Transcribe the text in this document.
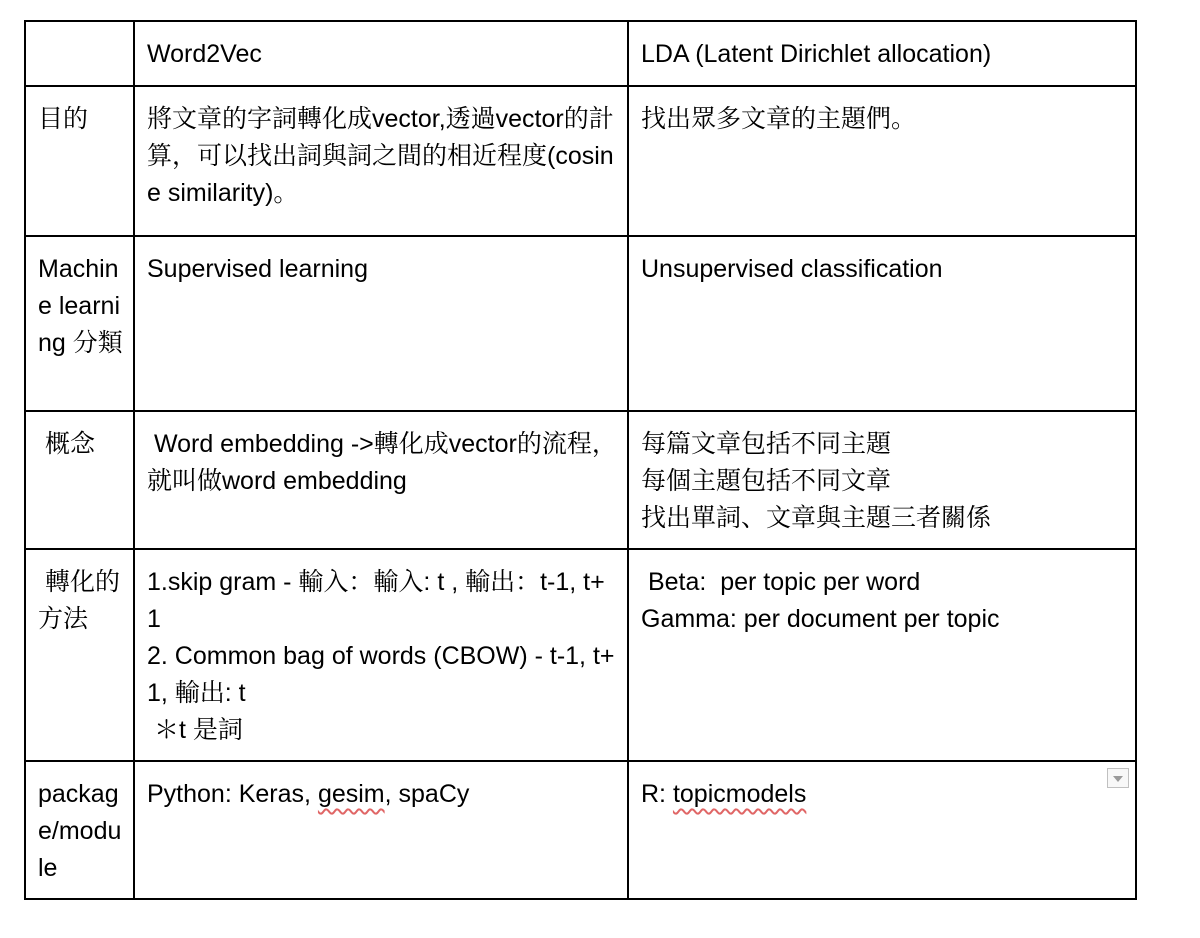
	Word2Vec	LDA (Latent Dirichlet allocation)

目的	將文章的字詞轉化成vector,透過vector的計算，可以找出詞與詞之間的相近程度(cosine similarity)。	找出眾多文章的主題們。

Machine learning 分類	Supervised learning	Unsupervised classification

概念	Word embedding ->轉化成vector的流程，就叫做word embedding	每篇文章包括不同主題
每個主題包括不同文章
找出單詞、文章與主題三者關係

轉化的方法	1.skip gram - 輸入：輸入: t , 輸出：t-1, t+1
2. Common bag of words (CBOW) - t-1, t+1, 輸出: t
＊t 是詞	Beta:  per topic per word
Gamma: per document per topic

package/module	Python: Keras, gesim, spaCy	R: topicmodels
